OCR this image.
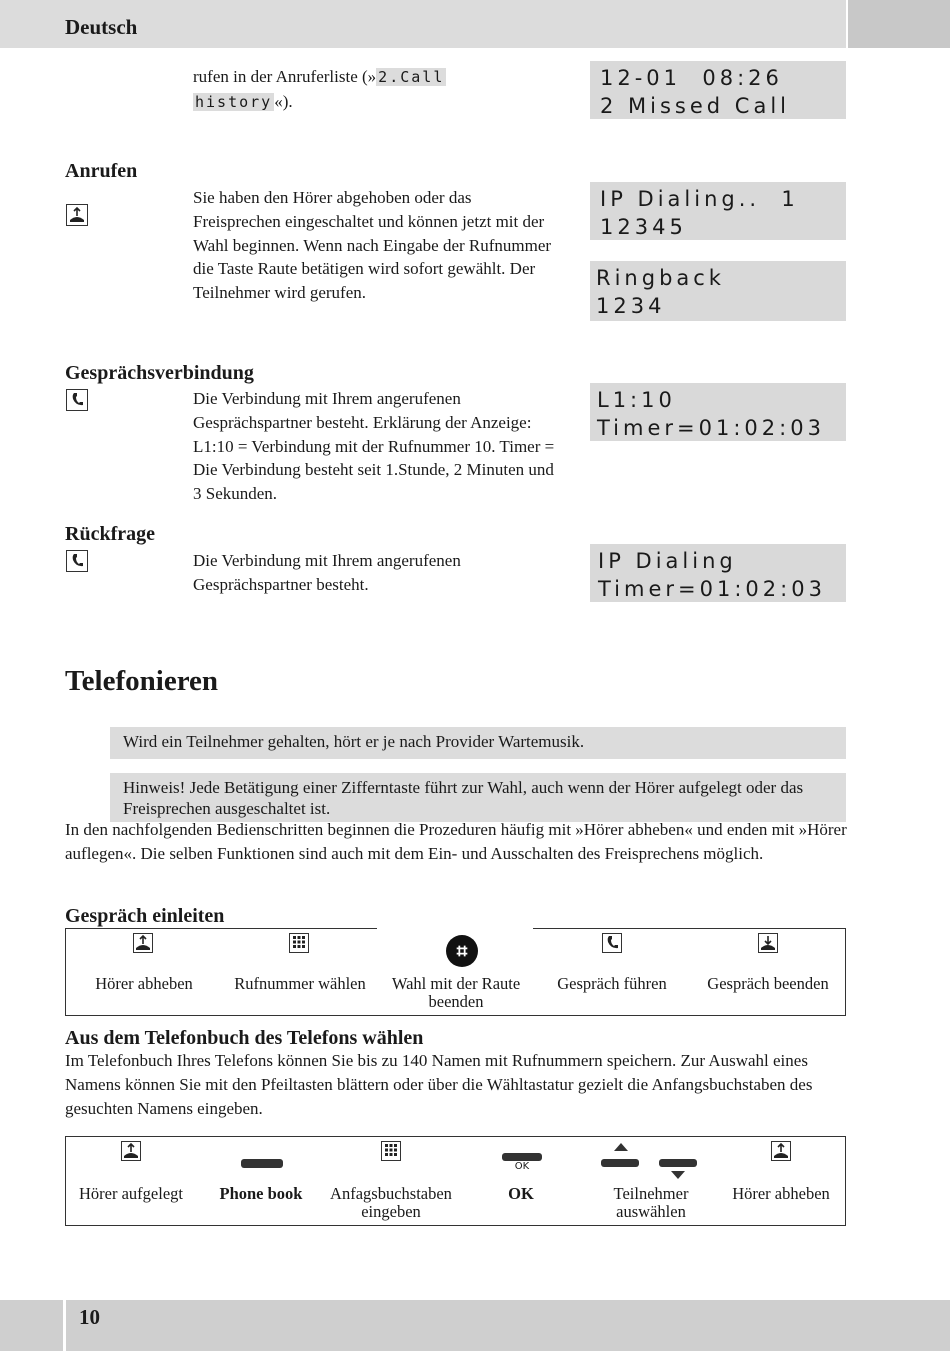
Deutsch
rufen in der Anruferliste (» 2.Call
history «).
12-01  08:26
2 Missed Call
Anrufen
Sie haben den Hörer abgehoben oder das Freisprechen eingeschaltet und können jetzt mit der Wahl beginnen. Wenn nach Eingabe der Rufnummer die Taste Raute betätigen wird sofort gewählt. Der Teilnehmer wird gerufen.
IP Dialing..  1
12345
Ringback
1234
Gesprächsverbindung
Die Verbindung mit Ihrem angerufenen Gesprächspartner besteht. Erklärung der Anzeige: L1:10 = Verbindung mit der Rufnummer 10. Timer = Die Verbindung besteht seit 1.Stunde, 2 Minuten und 3 Sekunden.
L1:10
Timer=01:02:03
Rückfrage
Die Verbindung mit Ihrem angerufenen Gesprächspartner besteht.
IP Dialing
Timer=01:02:03
Telefonieren
Wird ein Teilnehmer gehalten, hört er je nach Provider Wartemusik.
Hinweis! Jede Betätigung einer Zifferntaste führt zur Wahl, auch wenn der Hörer aufgelegt oder das Freisprechen ausgeschaltet ist.
In den nachfolgenden Bedienschritten beginnen die Prozeduren häufig mit »Hörer abheben« und enden mit »Hörer auflegen«. Die selben Funktionen sind auch mit dem Ein- und Ausschalten des Freisprechens möglich.
Gespräch einleiten
Hörer abheben	Rufnummer wählen	Wahl mit der Raute beenden
Gespräch führen	Gespräch beenden
Aus dem Telefonbuch des Telefons wählen
Im Telefonbuch Ihres Telefons können Sie bis zu 140 Namen mit Rufnummern speichern. Zur Auswahl eines Namens können Sie mit den Pfeiltasten blättern oder über die Wähltastatur gezielt die Anfangsbuchstaben des gesuchten Namens eingeben.
Hörer aufgelegt	Phone book	Anfagsbuchstaben eingeben
OK
OK	Teilnehmer auswählen
Hörer abheben
10
